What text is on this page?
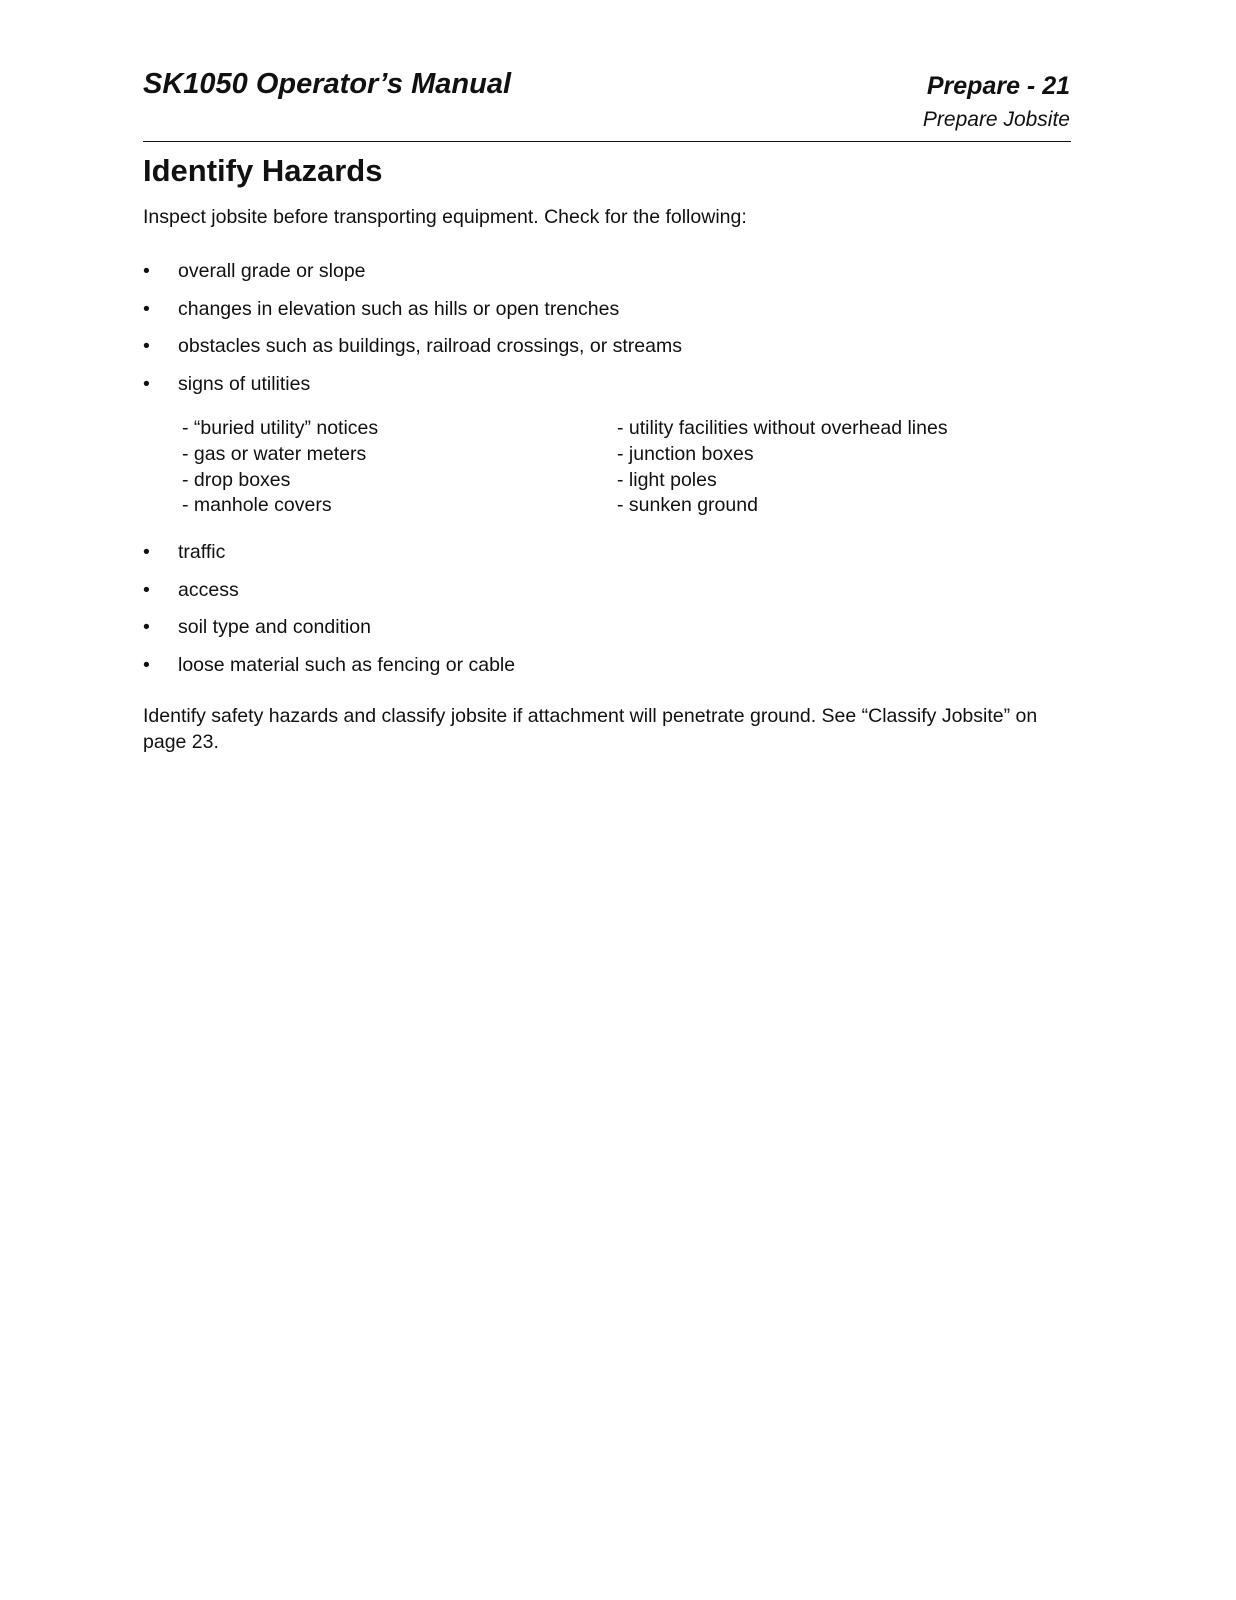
SK1050 Operator’s Manual	Prepare - 21
Prepare Jobsite
Identify Hazards
Inspect jobsite before transporting equipment. Check for the following:
•	overall grade or slope
•	changes in elevation such as hills or open trenches
•	obstacles such as buildings, railroad crossings, or streams
•	signs of utilities
- “buried utility” notices
- gas or water meters
- drop boxes
- manhole covers
- utility facilities without overhead lines
- junction boxes
- light poles
- sunken ground
•	traffic
•	access
•	soil type and condition
•	loose material such as fencing or cable
Identify safety hazards and classify jobsite if attachment will penetrate ground. See “Classify Jobsite” on page 23.
